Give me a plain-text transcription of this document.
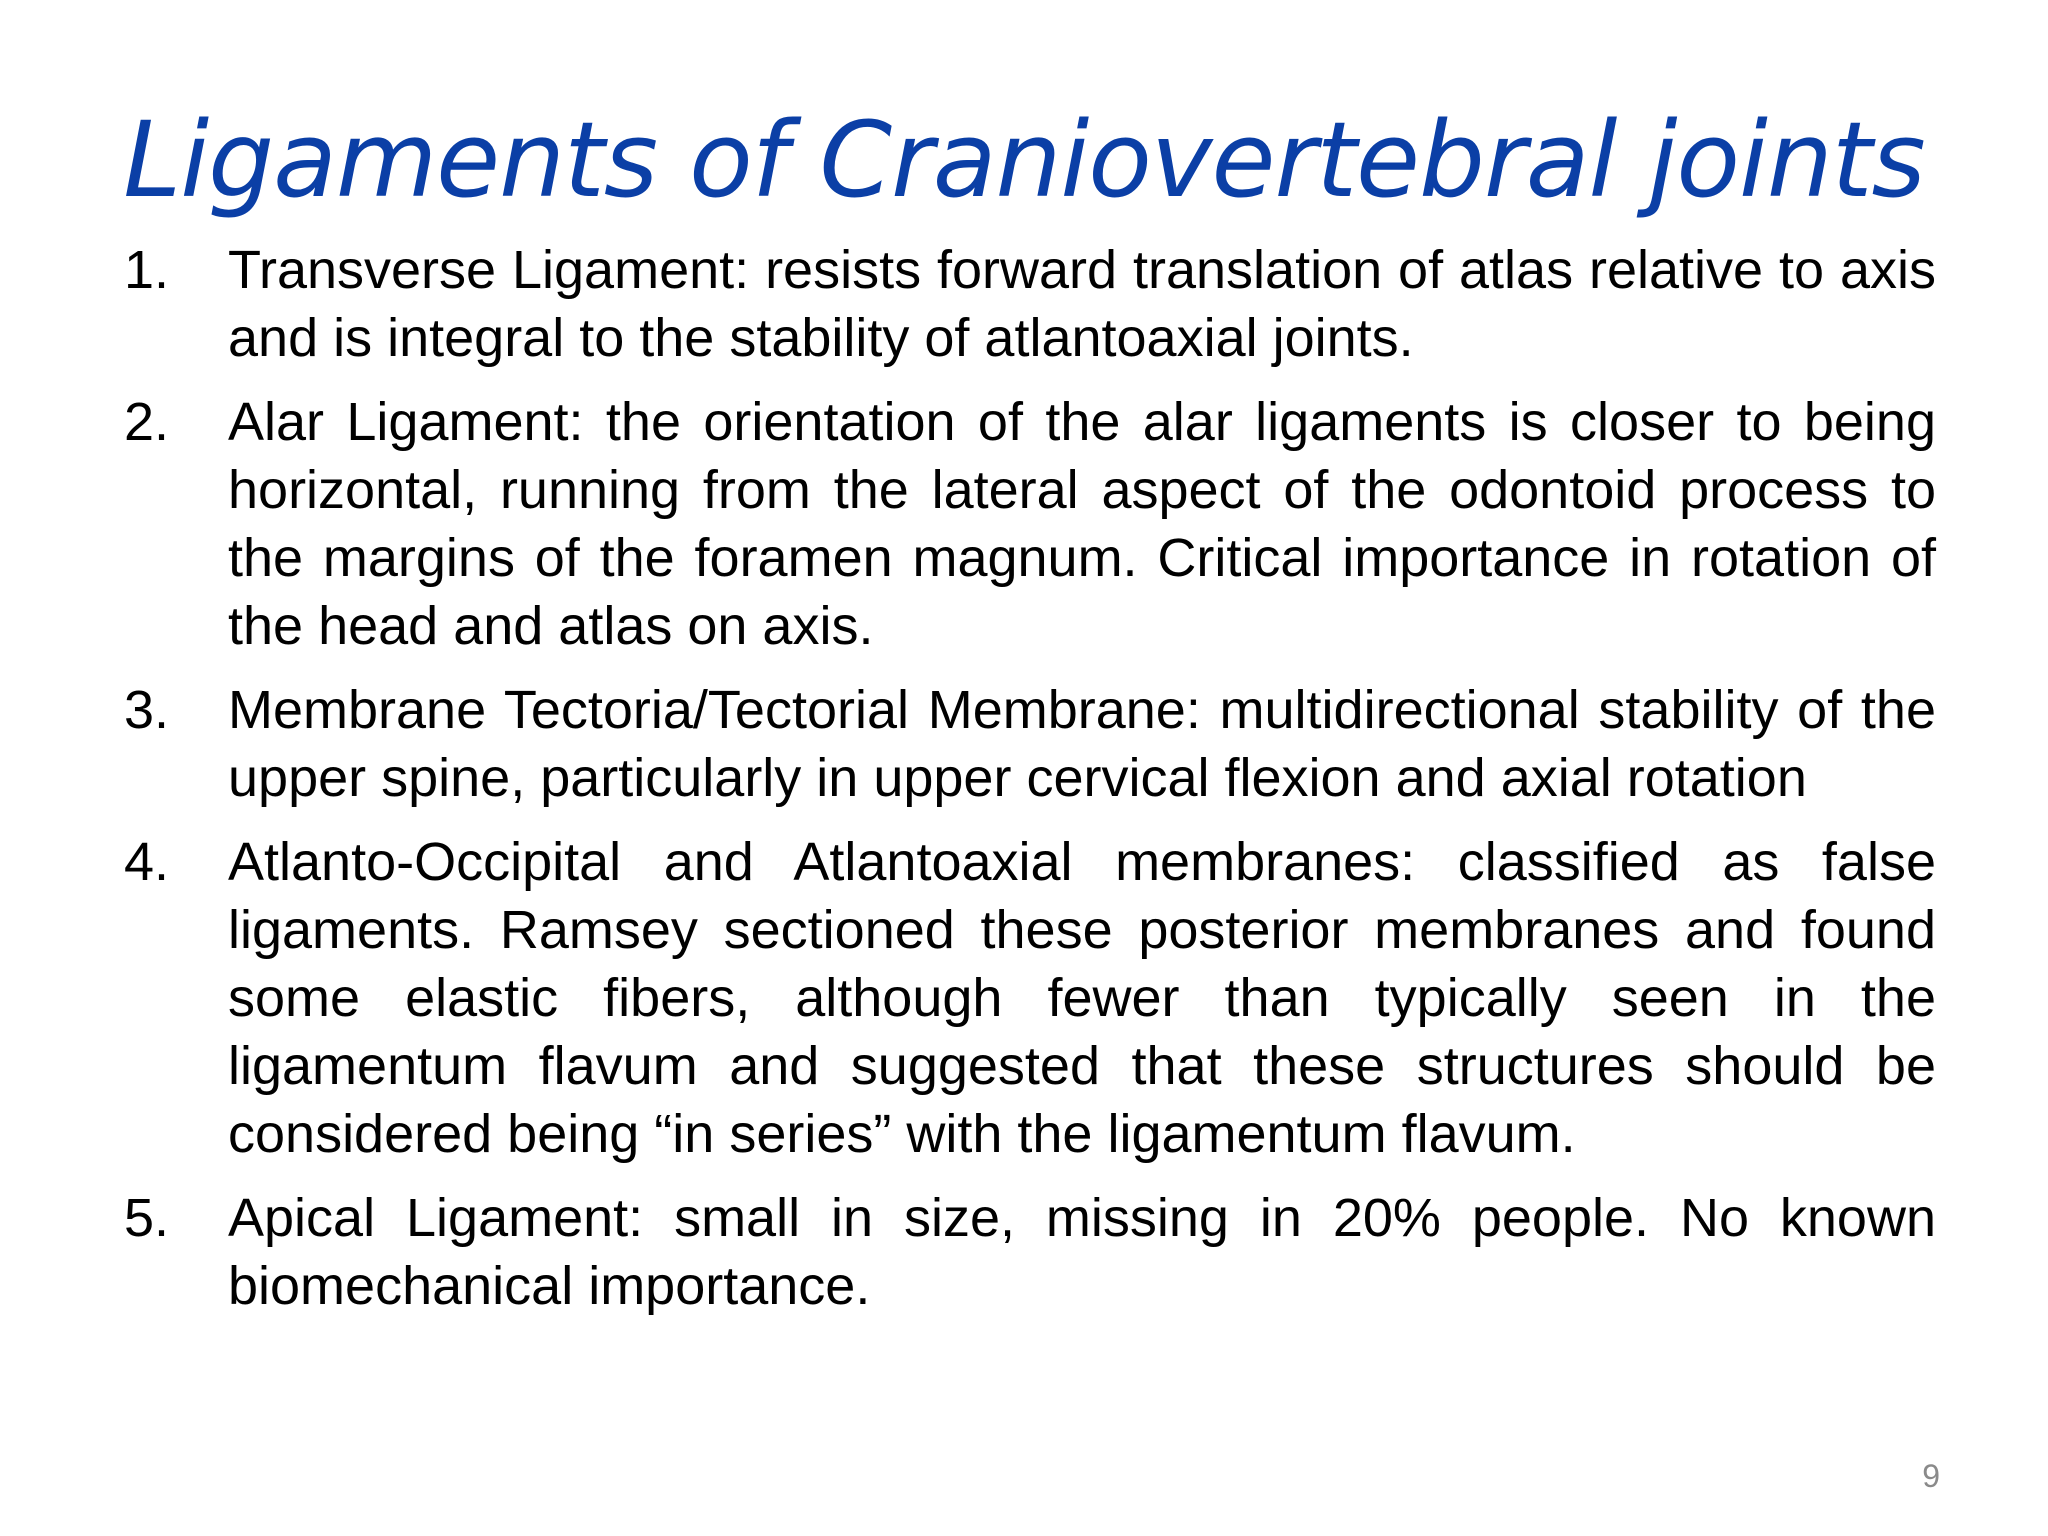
Ligaments of Craniovertebral joints
1.	Transverse Ligament: resists forward translation of atlas relative to axis and is integral to the stability of atlantoaxial joints.
2.	Alar Ligament: the orientation of the alar ligaments is closer to being horizontal, running from the lateral aspect of the odontoid process to the margins of the foramen magnum. Critical importance in rotation of the head and atlas on axis.
3.	Membrane Tectoria/Tectorial Membrane: multidirectional stability of the upper spine, particularly in upper cervical flexion and axial rotation
4.	Atlanto-Occipital and Atlantoaxial membranes: classified as false ligaments. Ramsey sectioned these posterior membranes and found some elastic fibers, although fewer than typically seen in the ligamentum flavum and suggested that these structures should be considered being “in series” with the ligamentum flavum.
5.	Apical Ligament: small in size, missing in 20% people. No known biomechanical importance.
9
